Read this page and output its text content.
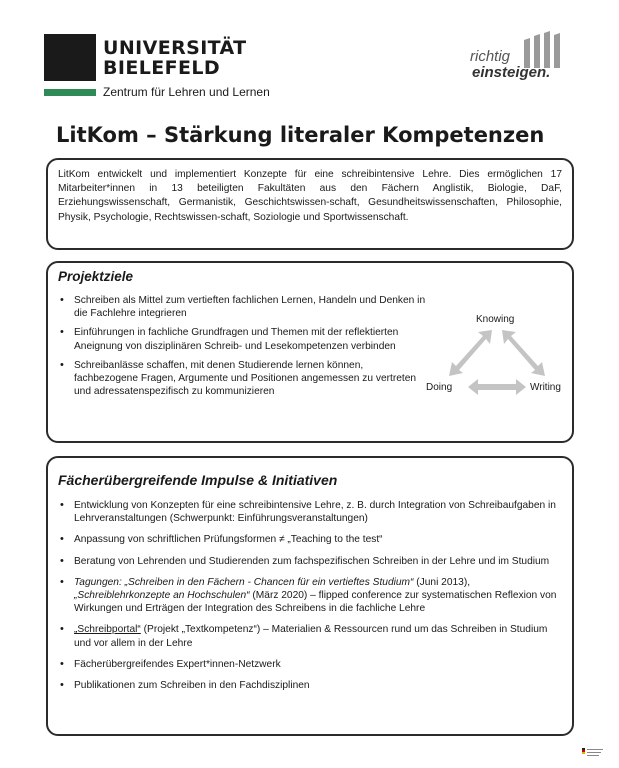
UNIVERSITÄT
BIELEFELD
Zentrum für Lehren und Lernen
richtig
einsteigen.
LitKom – Stärkung literaler Kompetenzen

LitKom entwickelt und implementiert Konzepte für eine schreibintensive Lehre. Dies ermöglichen 17 Mitarbeiter*innen in 13 beteiligten Fakultäten aus den Fächern Anglistik, Biologie, DaF, Erziehungswissenschaft, Germanistik, Geschichtswissen-schaft, Gesundheitswissenschaften, Philosophie, Physik, Psychologie, Rechtswissen-schaft, Soziologie und Sportwissenschaft.

Projektziele
• Schreiben als Mittel zum vertieften fachlichen Lernen, Handeln und Denken in die Fachlehre integrieren
• Einführungen in fachliche Grundfragen und Themen mit der reflektierten Aneignung von disziplinären Schreib- und Lesekompetenzen verbinden
• Schreibanlässe schaffen, mit denen Studierende lernen können, fachbezogene Fragen, Argumente und Positionen angemessen zu vertreten und adressatenspezifisch zu kommunizieren
Knowing
Doing	Writing
Fächerübergreifende Impulse & Initiativen
• Entwicklung von Konzepten für eine schreibintensive Lehre, z. B. durch Integration von Schreibaufgaben in Lehrveranstaltungen (Schwerpunkt: Einführungsveranstaltungen)
• Anpassung von schriftlichen Prüfungsformen ≠ „Teaching to the test“
• Beratung von Lehrenden und Studierenden zum fachspezifischen Schreiben in der Lehre und im Studium
• Tagungen: „Schreiben in den Fächern - Chancen für ein vertieftes Studium“ (Juni 2013), „Schreiblehrkonzepte an Hochschulen“ (März 2020) – flipped conference zur systematischen Reflexion von Wirkungen und Erträgen der Integration des Schreibens in die fachliche Lehre
• „Schreibportal“ (Projekt „Textkompetenz“) – Materialien & Ressourcen rund um das Schreiben in Studium und vor allem in der Lehre
• Fächerübergreifendes Expert*innen-Netzwerk
• Publikationen zum Schreiben in den Fachdisziplinen
